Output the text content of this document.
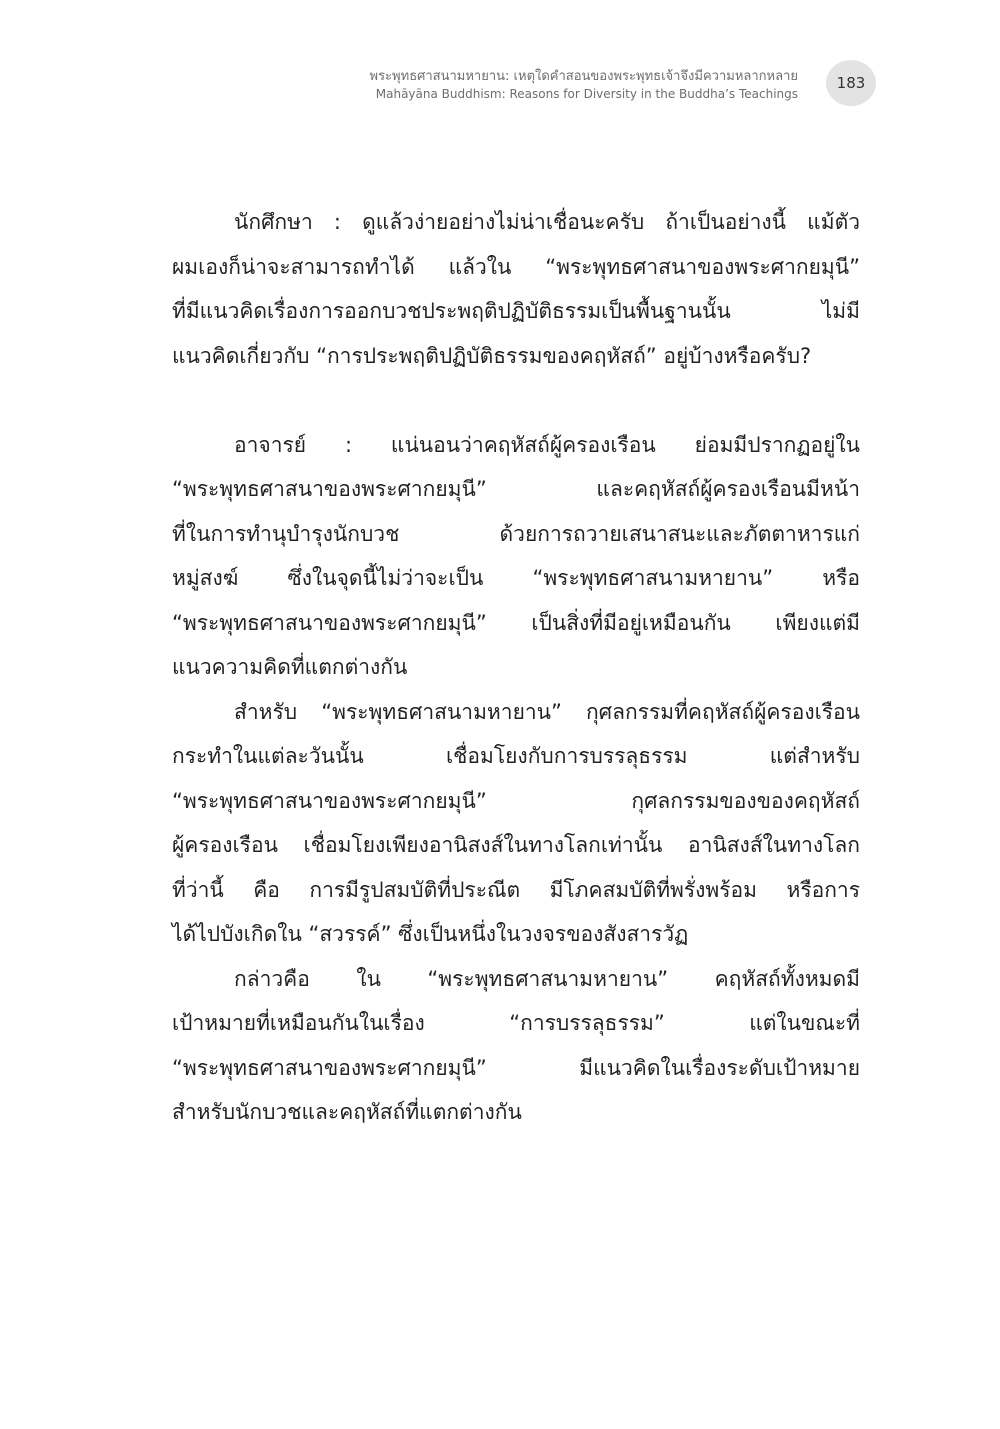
พระพุทธศาสนามหายาน: เหตุใดคำสอนของพระพุทธเจ้าจึงมีความหลากหลาย
Mahāyāna Buddhism: Reasons for Diversity in the Buddha’s Teachings
183
นักศึกษา : ดูแล้วง่ายอย่างไม่น่าเชื่อนะครับ ถ้าเป็นอย่างนี้ แม้ตัว
ผมเองก็น่าจะสามารถทำได้ แล้วใน “พระพุทธศาสนาของพระศากยมุนี”
ที่มีแนวคิดเรื่องการออกบวชประพฤติปฏิบัติธรรมเป็นพื้นฐานนั้น ไม่มี
แนวคิดเกี่ยวกับ “การประพฤติปฏิบัติธรรมของคฤหัสถ์” อยู่บ้างหรือครับ?
อาจารย์ : แน่นอนว่าคฤหัสถ์ผู้ครองเรือน ย่อมมีปรากฏอยู่ใน
“พระพุทธศาสนาของพระศากยมุนี” และคฤหัสถ์ผู้ครองเรือนมีหน้า
ที่ในการทำนุบำรุงนักบวช ด้วยการถวายเสนาสนะและภัตตาหารแก่
หมู่สงฆ์ ซึ่งในจุดนี้ไม่ว่าจะเป็น “พระพุทธศาสนามหายาน” หรือ
“พระพุทธศาสนาของพระศากยมุนี” เป็นสิ่งที่มีอยู่เหมือนกัน เพียงแต่มี
แนวความคิดที่แตกต่างกัน
สำหรับ “พระพุทธศาสนามหายาน” กุศลกรรมที่คฤหัสถ์ผู้ครองเรือน
กระทำในแต่ละวันนั้น เชื่อมโยงกับการบรรลุธรรม แต่สำหรับ
“พระพุทธศาสนาของพระศากยมุนี” กุศลกรรมของของคฤหัสถ์
ผู้ครองเรือน เชื่อมโยงเพียงอานิสงส์ในทางโลกเท่านั้น อานิสงส์ในทางโลก
ที่ว่านี้ คือ การมีรูปสมบัติที่ประณีต มีโภคสมบัติที่พรั่งพร้อม หรือการ
ได้ไปบังเกิดใน “สวรรค์” ซึ่งเป็นหนึ่งในวงจรของสังสารวัฏ
กล่าวคือ ใน “พระพุทธศาสนามหายาน” คฤหัสถ์ทั้งหมดมี
เป้าหมายที่เหมือนกันในเรื่อง “การบรรลุธรรม” แต่ในขณะที่
“พระพุทธศาสนาของพระศากยมุนี” มีแนวคิดในเรื่องระดับเป้าหมาย
สำหรับนักบวชและคฤหัสถ์ที่แตกต่างกัน
